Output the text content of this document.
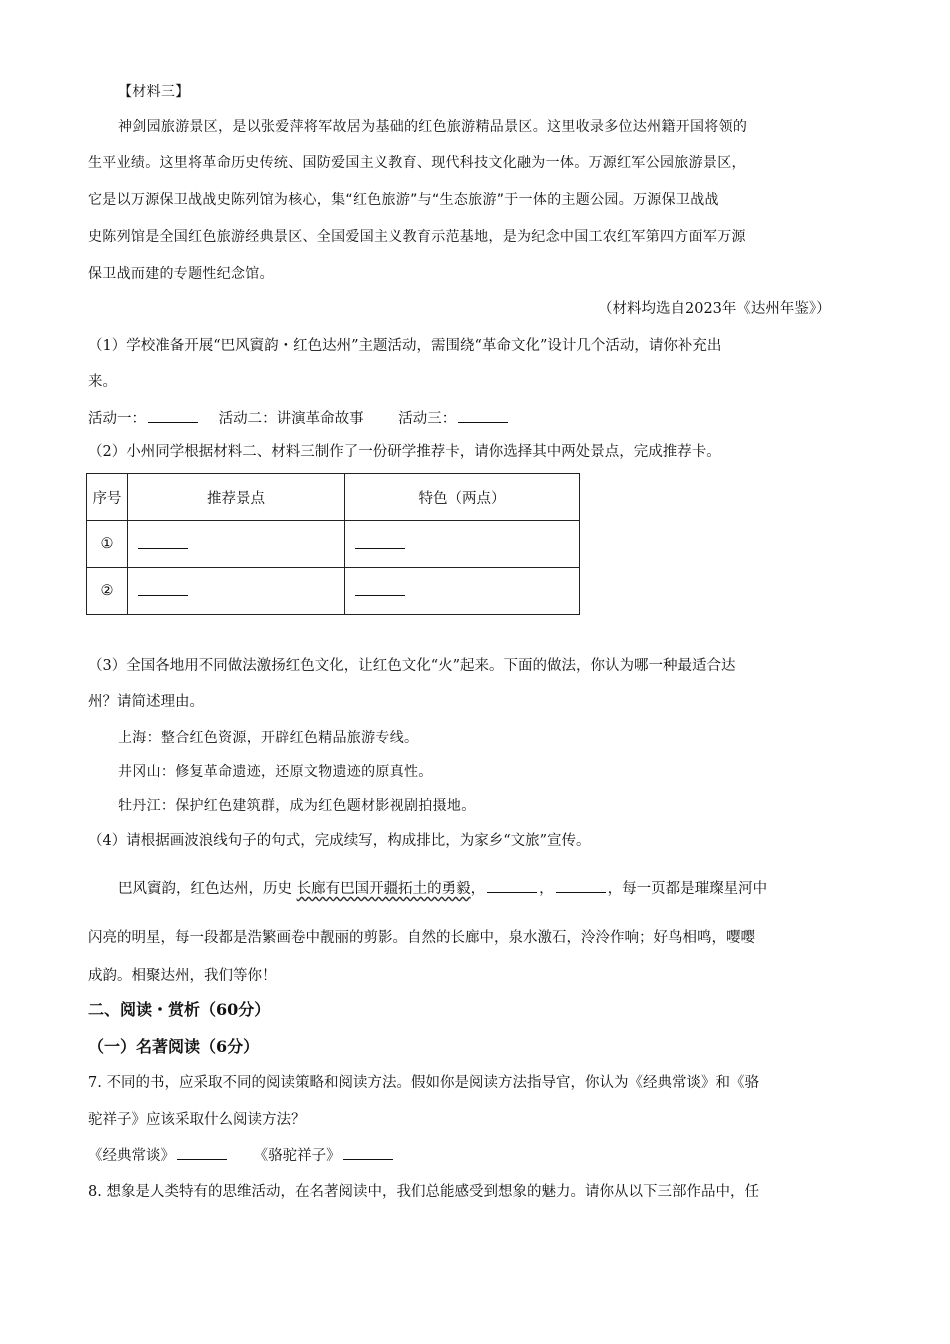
【材料三】
神剑园旅游景区，是以张爱萍将军故居为基础的红色旅游精品景区。这里收录多位达州籍开国将领的
生平业绩。这里将革命历史传统、国防爱国主义教育、现代科技文化融为一体。万源红军公园旅游景区，
它是以万源保卫战战史陈列馆为核心，集“红色旅游”与“生态旅游”于一体的主题公园。万源保卫战战
史陈列馆是全国红色旅游经典景区、全国爱国主义教育示范基地，是为纪念中国工农红军第四方面军万源
保卫战而建的专题性纪念馆。
（材料均选自2023年《达州年鉴》）
（1）学校准备开展“巴风賨韵・红色达州”主题活动，需围绕“革命文化”设计几个活动，请你补充出
来。
活动一：	活动二：讲演革命故事 活动三：
（2）小州同学根据材料二、材料三制作了一份研学推荐卡，请你选择其中两处景点，完成推荐卡。
序号	推荐景点	特色（两点）
①		
②		
（3）全国各地用不同做法激扬红色文化，让红色文化“火”起来。下面的做法，你认为哪一种最适合达
州？请简述理由。
上海：整合红色资源，开辟红色精品旅游专线。
井冈山：修复革命遗迹，还原文物遗迹的原真性。
牡丹江：保护红色建筑群，成为红色题材影视剧拍摄地。
（4）请根据画波浪线句子的句式，完成续写，构成排比，为家乡“文旅”宣传。
巴风賨韵，红色达州，历史 长廊有巴国开疆拓土的勇毅，	，	，每一页都是璀璨星河中
闪亮的明星，每一段都是浩繁画卷中靓丽的剪影。自然的长廊中，泉水激石，泠泠作响；好鸟相鸣，嘤嘤
成韵。相聚达州，我们等你！
二、阅读・赏析（60分）
（一）名著阅读（6分）
7. 不同的书，应采取不同的阅读策略和阅读方法。假如你是阅读方法指导官，你认为《经典常谈》和《骆
驼祥子》应该采取什么阅读方法？
《经典常谈》	《骆驼祥子》
8. 想象是人类特有的思维活动，在名著阅读中，我们总能感受到想象的魅力。请你从以下三部作品中，任
